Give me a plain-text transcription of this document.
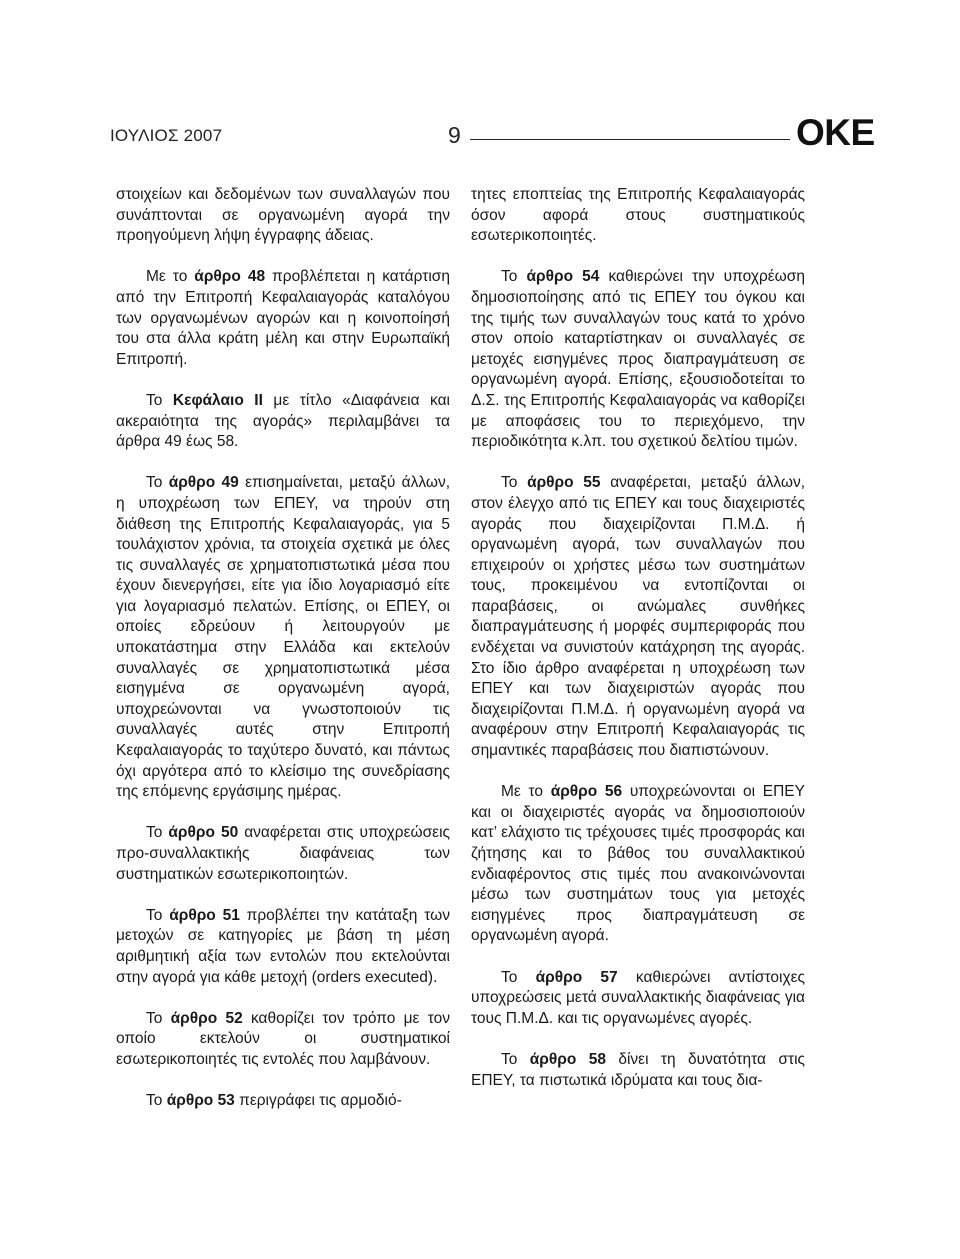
ΙΟΥΛΙΟΣ 2007	9	ΟΚΕ

στοιχείων και δεδομένων των συναλλαγών που συνάπτονται σε οργανωμένη αγορά την προηγούμενη λήψη έγγραφης άδειας.

Με το άρθρο 48 προβλέπεται η κατάρτιση από την Επιτροπή Κεφαλαιαγοράς καταλόγου των οργανωμένων αγορών και η κοινοποίησή του στα άλλα κράτη μέλη και στην Ευρωπαϊκή Επιτροπή.

Το Κεφάλαιο II με τίτλο «Διαφάνεια και ακεραιότητα της αγοράς» περιλαμβάνει τα άρθρα 49 έως 58.

Το άρθρο 49 επισημαίνεται, μεταξύ άλλων, η υποχρέωση των ΕΠΕΥ, να τηρούν στη διάθεση της Επιτροπής Κεφαλαιαγοράς, για 5 τουλάχιστον χρόνια, τα στοιχεία σχετικά με όλες τις συναλλαγές σε χρηματοπιστωτικά μέσα που έχουν διενεργήσει, είτε για ίδιο λογαριασμό είτε για λογαριασμό πελατών. Επίσης, οι ΕΠΕΥ, οι οποίες εδρεύουν ή λειτουργούν με υποκατάστημα στην Ελλάδα και εκτελούν συναλλαγές σε χρηματοπιστωτικά μέσα εισηγμένα σε οργανωμένη αγορά, υποχρεώνονται να γνωστοποιούν τις συναλλαγές αυτές στην Επιτροπή Κεφαλαιαγοράς το ταχύτερο δυνατό, και πάντως όχι αργότερα από το κλείσιμο της συνεδρίασης της επόμενης εργάσιμης ημέρας.

Το άρθρο 50 αναφέρεται στις υποχρεώσεις προ-συναλλακτικής διαφάνειας των συστηματικών εσωτερικοποιητών.

Το άρθρο 51 προβλέπει την κατάταξη των μετοχών σε κατηγορίες με βάση τη μέση αριθμητική αξία των εντολών που εκτελούνται στην αγορά για κάθε μετοχή (orders executed).

Το άρθρο 52 καθορίζει τον τρόπο με τον οποίο εκτελούν οι συστηματικοί εσωτερικοποιητές τις εντολές που λαμβάνουν.

Το άρθρο 53 περιγράφει τις αρμοδιό-

τητες εποπτείας της Επιτροπής Κεφαλαιαγοράς όσον αφορά στους συστηματικούς εσωτερικοποιητές.

Το άρθρο 54 καθιερώνει την υποχρέωση δημοσιοποίησης από τις ΕΠΕΥ του όγκου και της τιμής των συναλλαγών τους κατά το χρόνο στον οποίο καταρτίστηκαν οι συναλλαγές σε μετοχές εισηγμένες προς διαπραγμάτευση σε οργανωμένη αγορά. Επίσης, εξουσιοδοτείται το Δ.Σ. της Επιτροπής Κεφαλαιαγοράς να καθορίζει με αποφάσεις του το περιεχόμενο, την περιοδικότητα κ.λπ. του σχετικού δελτίου τιμών.

Το άρθρο 55 αναφέρεται, μεταξύ άλλων, στον έλεγχο από τις ΕΠΕΥ και τους διαχειριστές αγοράς που διαχειρίζονται Π.Μ.Δ. ή οργανωμένη αγορά, των συναλλαγών που επιχειρούν οι χρήστες μέσω των συστημάτων τους, προκειμένου να εντοπίζονται οι παραβάσεις, οι ανώμαλες συνθήκες διαπραγμάτευσης ή μορφές συμπεριφοράς που ενδέχεται να συνιστούν κατάχρηση της αγοράς. Στο ίδιο άρθρο αναφέρεται η υποχρέωση των ΕΠΕΥ και των διαχειριστών αγοράς που διαχειρίζονται Π.Μ.Δ. ή οργανωμένη αγορά να αναφέρουν στην Επιτροπή Κεφαλαιαγοράς τις σημαντικές παραβάσεις που διαπιστώνουν.

Με το άρθρο 56 υποχρεώνονται οι ΕΠΕΥ και οι διαχειριστές αγοράς να δημοσιοποιούν κατ’ ελάχιστο τις τρέχουσες τιμές προσφοράς και ζήτησης και το βάθος του συναλλακτικού ενδιαφέροντος στις τιμές που ανακοινώνονται μέσω των συστημάτων τους για μετοχές εισηγμένες προς διαπραγμάτευση σε οργανωμένη αγορά.

Το άρθρο 57 καθιερώνει αντίστοιχες υποχρεώσεις μετά συναλλακτικής διαφάνειας για τους Π.Μ.Δ. και τις οργανωμένες αγορές.

Το άρθρο 58 δίνει τη δυνατότητα στις ΕΠΕΥ, τα πιστωτικά ιδρύματα και τους δια-
